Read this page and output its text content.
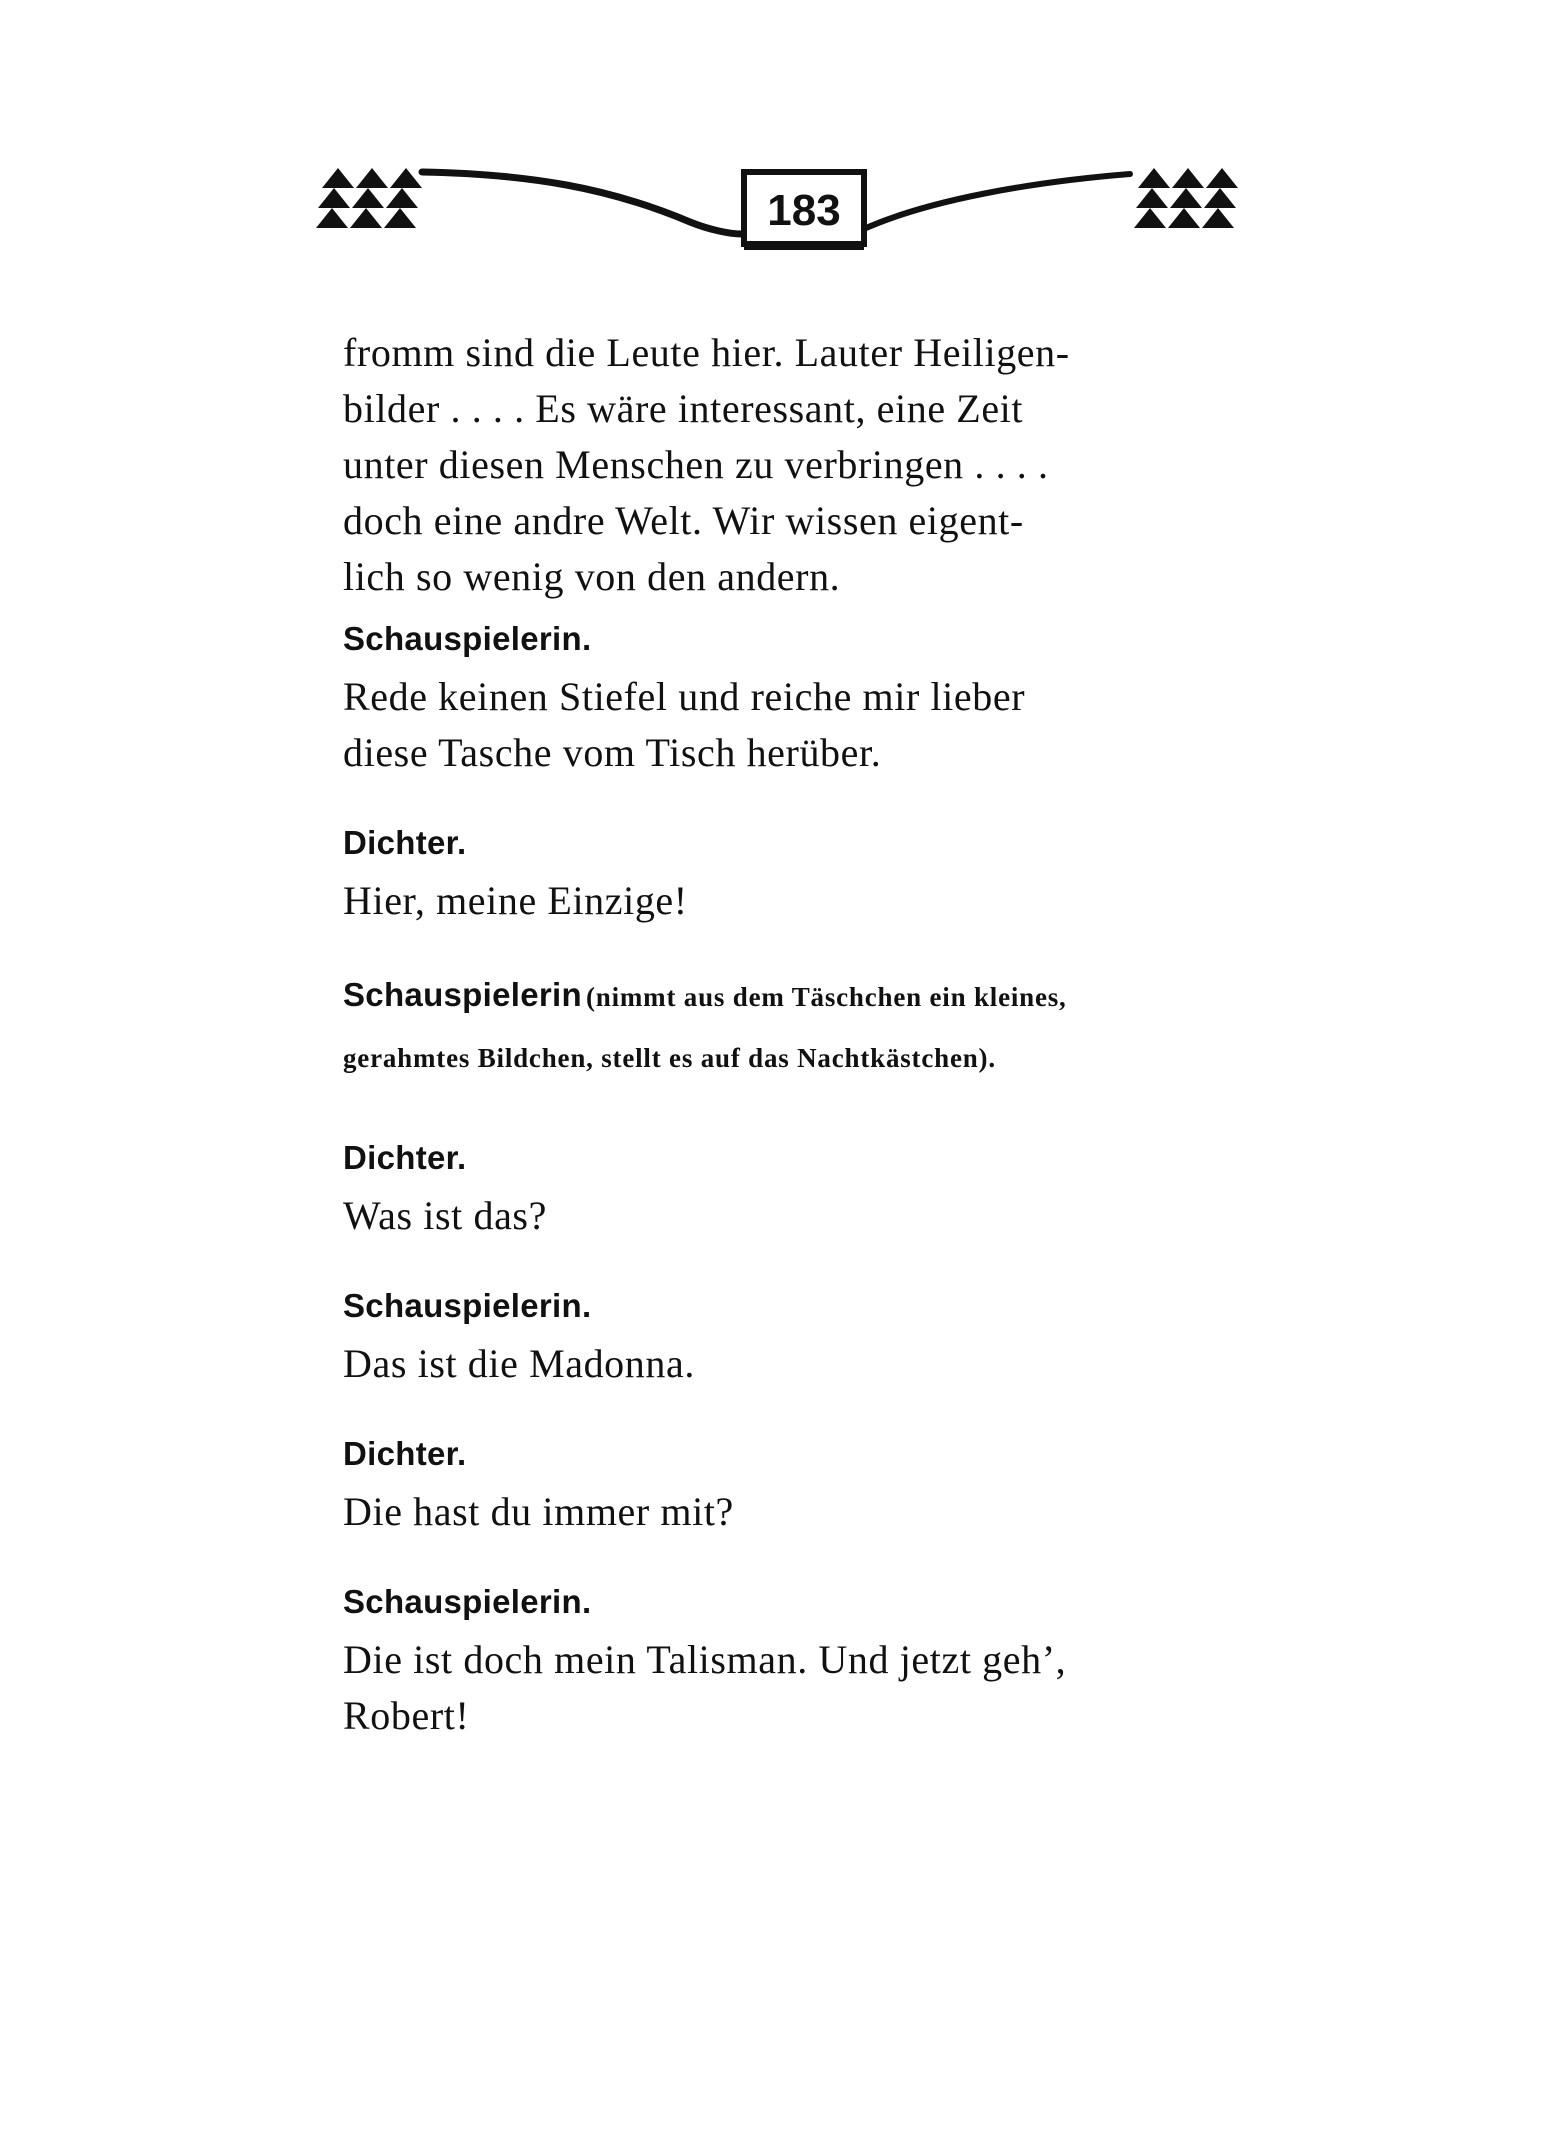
183
fromm sind die Leute hier. Lauter Heiligen-
bilder . . . . Es wäre interessant, eine Zeit
unter diesen Menschen zu verbringen . . . .
doch eine andre Welt. Wir wissen eigent-
lich so wenig von den andern.

Schauspielerin.

Rede keinen Stiefel und reiche mir lieber
diese Tasche vom Tisch herüber.

Dichter.

Hier, meine Einzige!
Schauspielerin (nimmt aus dem Täschchen ein kleines,
gerahmtes Bildchen, stellt es auf das Nachtkästchen).

Dichter.

Was ist das?

Schauspielerin.

Das ist die Madonna.

Dichter.

Die hast du immer mit?

Schauspielerin.

Die ist doch mein Talisman. Und jetzt geh’,
Robert!
